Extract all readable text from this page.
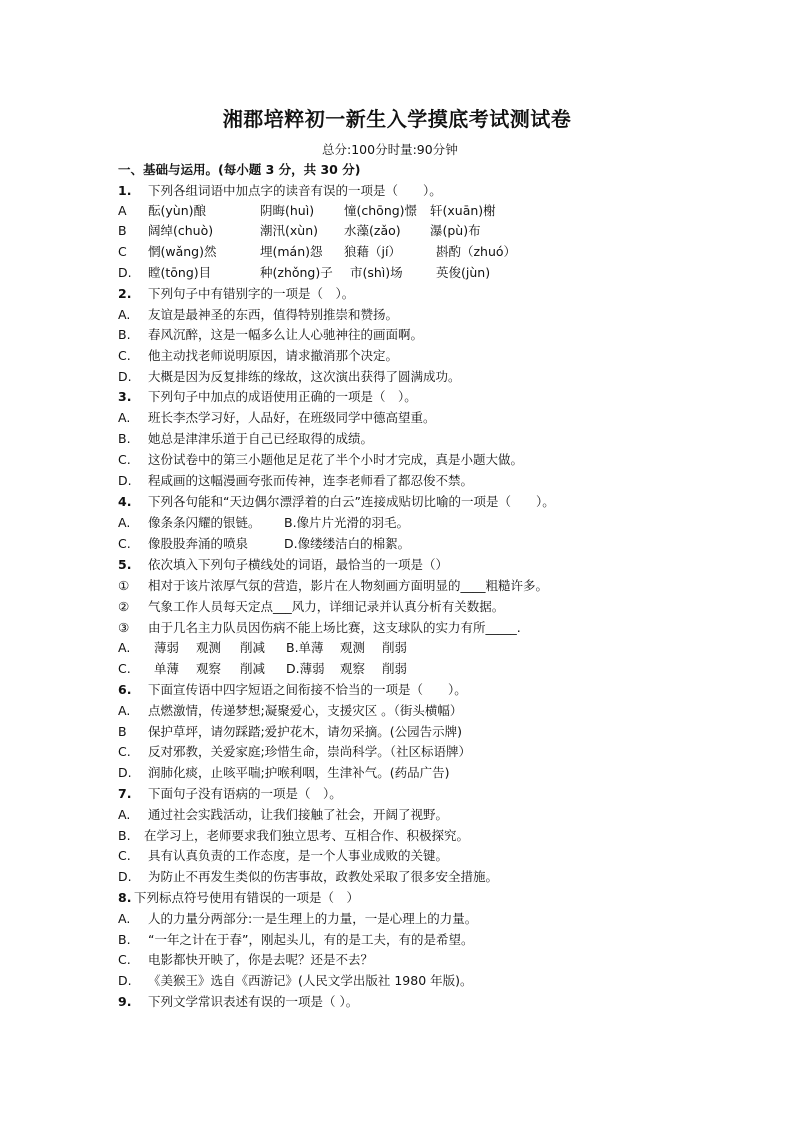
湘郡培粹初一新生入学摸底考试测试卷
总分:100分时量:90分钟
一、基础与运用。(每小题 3 分，共 30 分)
1. 下列各组词语中加点字的读音有误的一项是（　　）。
A 酝(yùn)酿	阴晦(huì) 憧(chōng)憬 轩(xuān)榭
B 阔绰(chuò)	潮汛(xùn) 水藻(zǎo) 瀑(pù)布
C 惘(wǎng)然	埋(mán)怨 狼藉（jí）	斟酌（zhuó）
D. 瞠(tōng)目	种(zhǒng)子 市(shì)场	英俊(jùn)
2. 下列句子中有错别字的一项是（　）。
A. 友谊是最神圣的东西，值得特别推崇和赞扬。
B. 春风沉醉，这是一幅多么让人心驰神往的画面啊。
C. 他主动找老师说明原因，请求撤消那个决定。
D. 大概是因为反复排练的缘故，这次演出获得了圆满成功。
3. 下列句子中加点的成语使用正确的一项是（　）。
A. 班长李杰学习好，人品好，在班级同学中德高望重。
B. 她总是津津乐道于自己已经取得的成绩。
C. 这份试卷中的第三小题他足足花了半个小时才完成，真是小题大做。
D. 程咸画的这幅漫画夸张而传神，连李老师看了都忍俊不禁。
4. 下列各句能和“天边偶尔漂浮着的白云”连接成贴切比喻的一项是（　　）。
A. 像条条闪耀的银链。 B.像片片光滑的羽毛。
C. 像股股奔涌的喷泉	D.像缕缕洁白的棉絮。
5. 依次填入下列句子横线处的词语，最恰当的一项是（）
① 相对于该片浓厚气氛的营造，影片在人物刻画方面明显的____粗糙许多。
② 气象工作人员每天定点___风力，详细记录并认真分析有关数据。
③ 由于几名主力队员因伤病不能上场比赛，这支球队的实力有所_____.
A. 薄弱 观测 削减 B.单薄 观测 削弱
C. 单薄 观察 削减 D.薄弱 观察 削弱
6. 下面宣传语中四字短语之间衔接不恰当的一项是（　　）。
A. 点燃激情，传递梦想;凝聚爱心，支援灾区 。（街头横幅）
B 保护草坪，请勿踩踏;爱护花木，请勿采摘。(公园告示牌)
C. 反对邪教，关爱家庭;珍惜生命，崇尚科学。（社区标语牌）
D. 润肺化痰，止咳平喘;护喉利咽，生津补气。(药品广告)
7. 下面句子没有语病的一项是（　）。
A. 通过社会实践活动，让我们接触了社会，开阔了视野。
B. 在学习上，老师要求我们独立思考、互相合作、积极探究。
C. 具有认真负责的工作态度，是一个人事业成败的关键。
D. 为防止不再发生类似的伤害事故，政教处采取了很多安全措施。
8. 下列标点符号使用有错误的一项是（　）
A. 人的力量分两部分:一是生理上的力量，一是心理上的力量。
B. “一年之计在于春”，刚起头儿，有的是工夫，有的是希望。
C. 电影都快开映了，你是去呢？还是不去？
D. 《美猴王》选自《西游记》(人民文学出版社 1980 年版)。
9. 下列文学常识表述有误的一项是（ ）。
